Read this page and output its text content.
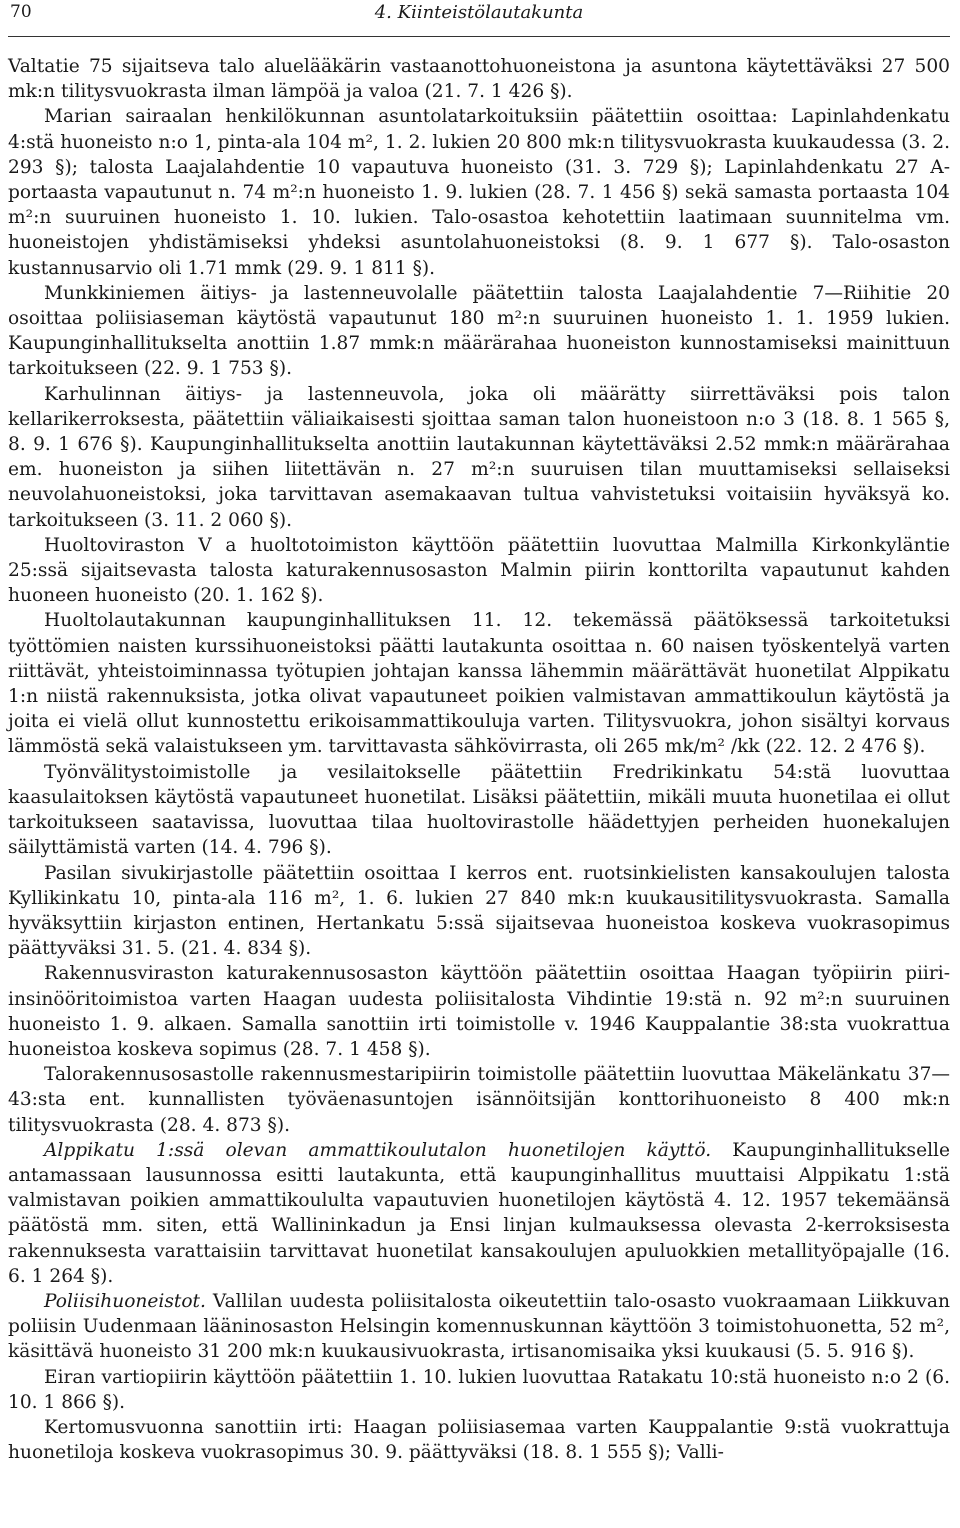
70	4. Kiinteistölautakunta

Valtatie 75 sijaitseva talo aluelääkärin vastaanottohuoneistona ja asuntona käytettäväksi 27 500 mk:n tilitysvuokrasta ilman lämpöä ja valoa (21. 7. 1 426 §).

Marian sairaalan henkilökunnan asuntolatarkoituksiin päätettiin osoittaa: Lapinlahdenkatu 4:stä huoneisto n:o 1, pinta-ala 104 m², 1. 2. lukien 20 800 mk:n tilitysvuokrasta kuukaudessa (3. 2. 293 §); talosta Laajalahdentie 10 vapautuva huoneisto (31. 3. 729 §); Lapinlahdenkatu 27 A-portaasta vapautunut n. 74 m²:n huoneisto 1. 9. lukien (28. 7. 1 456 §) sekä samasta portaasta 104 m²:n suuruinen huoneisto 1. 10. lukien. Talo-osastoa kehotettiin laatimaan suunnitelma vm. huoneistojen yhdistämiseksi yhdeksi asuntolahuoneistoksi (8. 9. 1 677 §). Talo-osaston kustannusarvio oli 1.71 mmk (29. 9. 1 811 §).

Munkkiniemen äitiys- ja lastenneuvolalle päätettiin talosta Laajalahdentie 7—Riihitie 20 osoittaa poliisiaseman käytöstä vapautunut 180 m²:n suuruinen huoneisto 1. 1. 1959 lukien. Kaupunginhallitukselta anottiin 1.87 mmk:n määrärahaa huoneiston kunnostamiseksi mainittuun tarkoitukseen (22. 9. 1 753 §).

Karhulinnan äitiys- ja lastenneuvola, joka oli määrätty siirrettäväksi pois talon kellarikerroksesta, päätettiin väliaikaisesti sjoittaa saman talon huoneistoon n:o 3 (18. 8. 1 565 §, 8. 9. 1 676 §). Kaupunginhallitukselta anottiin lautakunnan käytettäväksi 2.52 mmk:n määrärahaa em. huoneiston ja siihen liitettävän n. 27 m²:n suuruisen tilan muuttamiseksi sellaiseksi neuvolahuoneistoksi, joka tarvittavan asemakaavan tultua vahvistetuksi voitaisiin hyväksyä ko. tarkoitukseen (3. 11. 2 060 §).

Huoltoviraston V a huoltotoimiston käyttöön päätettiin luovuttaa Malmilla Kirkonkyläntie 25:ssä sijaitsevasta talosta katurakennusosaston Malmin piirin konttorilta vapautunut kahden huoneen huoneisto (20. 1. 162 §).

Huoltolautakunnan kaupunginhallituksen 11. 12. tekemässä päätöksessä tarkoitetuksi työttömien naisten kurssihuoneistoksi päätti lautakunta osoittaa n. 60 naisen työskentelyä varten riittävät, yhteistoiminnassa työtupien johtajan kanssa lähemmin määrättävät huonetilat Alppikatu 1:n niistä rakennuksista, jotka olivat vapautuneet poikien valmistavan ammattikoulun käytöstä ja joita ei vielä ollut kunnostettu erikoisammattikouluja varten. Tilitysvuokra, johon sisältyi korvaus lämmöstä sekä valaistukseen ym. tarvittavasta sähkövirrasta, oli 265 mk/m² /kk (22. 12. 2 476 §).

Työnvälitystoimistolle ja vesilaitokselle päätettiin Fredrikinkatu 54:stä luovuttaa kaasulaitoksen käytöstä vapautuneet huonetilat. Lisäksi päätettiin, mikäli muuta huonetilaa ei ollut tarkoitukseen saatavissa, luovuttaa tilaa huoltovirastolle häädettyjen perheiden huonekalujen säilyttämistä varten (14. 4. 796 §).

Pasilan sivukirjastolle päätettiin osoittaa I kerros ent. ruotsinkielisten kansakoulujen talosta Kyllikinkatu 10, pinta-ala 116 m², 1. 6. lukien 27 840 mk:n kuukausitilitysvuokrasta. Samalla hyväksyttiin kirjaston entinen, Hertankatu 5:ssä sijaitsevaa huoneistoa koskeva vuokrasopimus päättyväksi 31. 5. (21. 4. 834 §).

Rakennusviraston katurakennusosaston käyttöön päätettiin osoittaa Haagan työpiirin piiri-insinööritoimistoa varten Haagan uudesta poliisitalosta Vihdintie 19:stä n. 92 m²:n suuruinen huoneisto 1. 9. alkaen. Samalla sanottiin irti toimistolle v. 1946 Kauppalantie 38:sta vuokrattua huoneistoa koskeva sopimus (28. 7. 1 458 §).

Talorakennusosastolle rakennusmestaripiirin toimistolle päätettiin luovuttaa Mäkelänkatu 37—43:sta ent. kunnallisten työväenasuntojen isännöitsijän konttorihuoneisto 8 400 mk:n tilitysvuokrasta (28. 4. 873 §).

Alppikatu 1:ssä olevan ammattikoulutalon huonetilojen käyttö. Kaupunginhallitukselle antamassaan lausunnossa esitti lautakunta, että kaupunginhallitus muuttaisi Alppikatu 1:stä valmistavan poikien ammattikoululta vapautuvien huonetilojen käytöstä 4. 12. 1957 tekemäänsä päätöstä mm. siten, että Wallininkadun ja Ensi linjan kulmauksessa olevasta 2-kerroksisesta rakennuksesta varattaisiin tarvittavat huonetilat kansakoulujen apuluokkien metallityöpajalle (16. 6. 1 264 §).

Poliisihuoneistot. Vallilan uudesta poliisitalosta oikeutettiin talo-osasto vuokraamaan Liikkuvan poliisin Uudenmaan lääninosaston Helsingin komennuskunnan käyttöön 3 toimistohuonetta, 52 m², käsittävä huoneisto 31 200 mk:n kuukausivuokrasta, irtisanomisaika yksi kuukausi (5. 5. 916 §).

Eiran vartiopiirin käyttöön päätettiin 1. 10. lukien luovuttaa Ratakatu 10:stä huoneisto n:o 2 (6. 10. 1 866 §).

Kertomusvuonna sanottiin irti: Haagan poliisiasemaa varten Kauppalantie 9:stä vuokrattuja huonetiloja koskeva vuokrasopimus 30. 9. päättyväksi (18. 8. 1 555 §); Valli-
